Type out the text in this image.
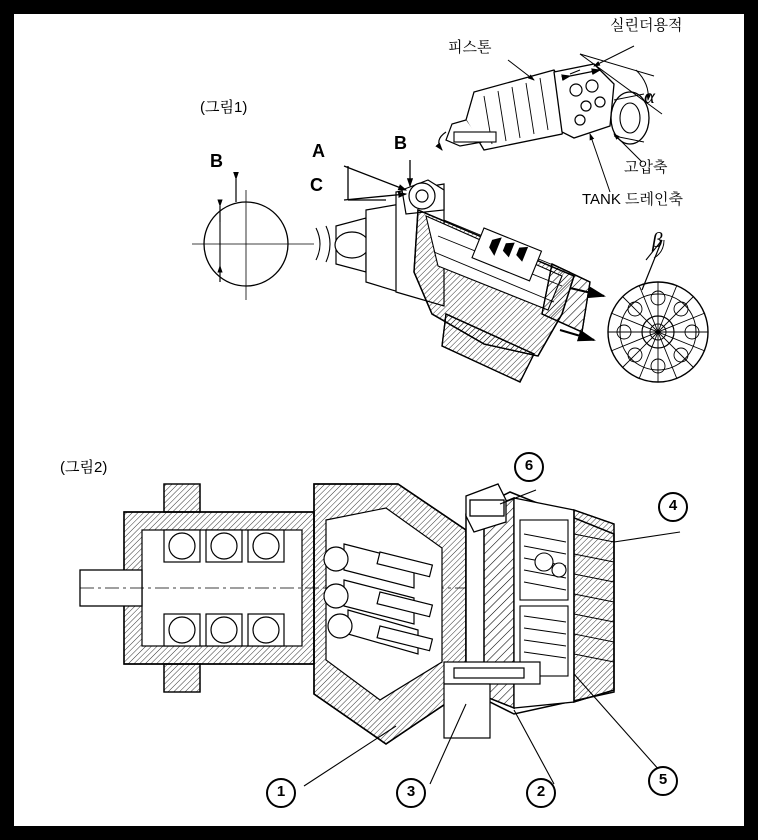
(그림1)
(그림2)
피스톤
실린더용적
고압축
TANK 드레인축
α
β
B	A	B
C
1	2
3
4
5
6
